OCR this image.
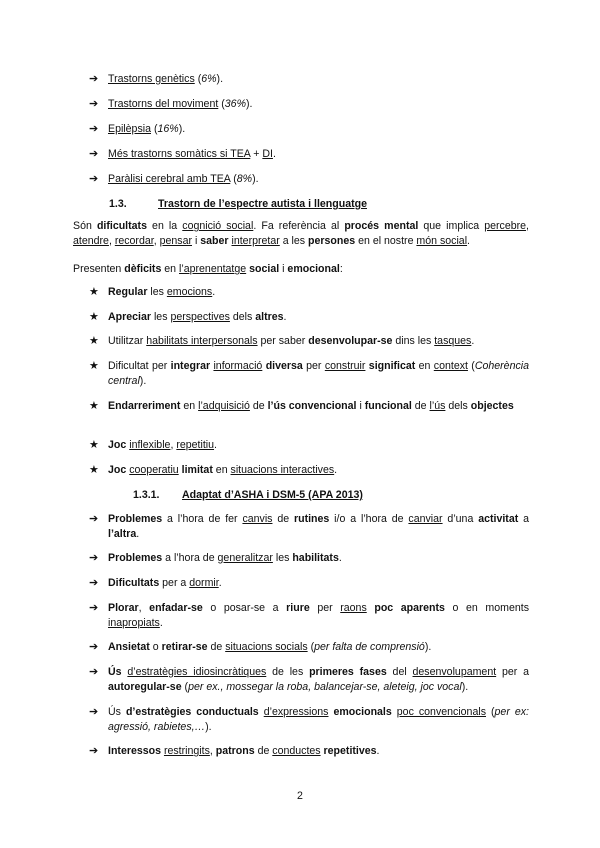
➔ Trastorns genètics (6%).
➔ Trastorns del moviment (36%).
➔ Epilèpsia (16%).
➔ Més trastorns somàtics si TEA + DI.
➔ Paràlisi cerebral amb TEA (8%).
1.3.	Trastorn de l’espectre autista i llenguatge

Són dificultats en la cognició social. Fa referència al procés mental que implica percebre, atendre, recordar, pensar i saber interpretar a les persones en el nostre món social.

Presenten dèficits en l’aprenentatge social i emocional:

★ Regular les emocions.
★ Apreciar les perspectives dels altres.
★ Utilitzar habilitats interpersonals per saber desenvolupar-se dins les tasques.
★ Dificultat per integrar informació diversa per construir significat en context (Coherència central).
★ Endarreriment en l’adquisició de l’ús convencional i funcional de l’ús dels objectes
★ Joc inflexible, repetitiu.
★ Joc cooperatiu limitat en situacions interactives.
1.3.1. Adaptat d’ASHA i DSM-5 (APA 2013)
➔ Problemes a l’hora de fer canvis de rutines i/o a l’hora de canviar d’una activitat a l’altra.
➔ Problemes a l’hora de generalitzar les habilitats.
➔ Dificultats per a dormir.
➔ Plorar, enfadar-se o posar-se a riure per raons poc aparents o en moments inapropiats.
➔ Ansietat o retirar-se de situacions socials (per falta de comprensió).
➔ Ús d’estratègies idiosincràtiques de les primeres fases del desenvolupament per a autoregular-se (per ex., mossegar la roba, balancejar-se, aleteig, joc vocal).
➔ Ús d’estratègies conductuals d’expressions emocionals poc convencionals (per ex: agressió, rabietes,…).
➔ Interessos restringits, patrons de conductes repetitives.
2
